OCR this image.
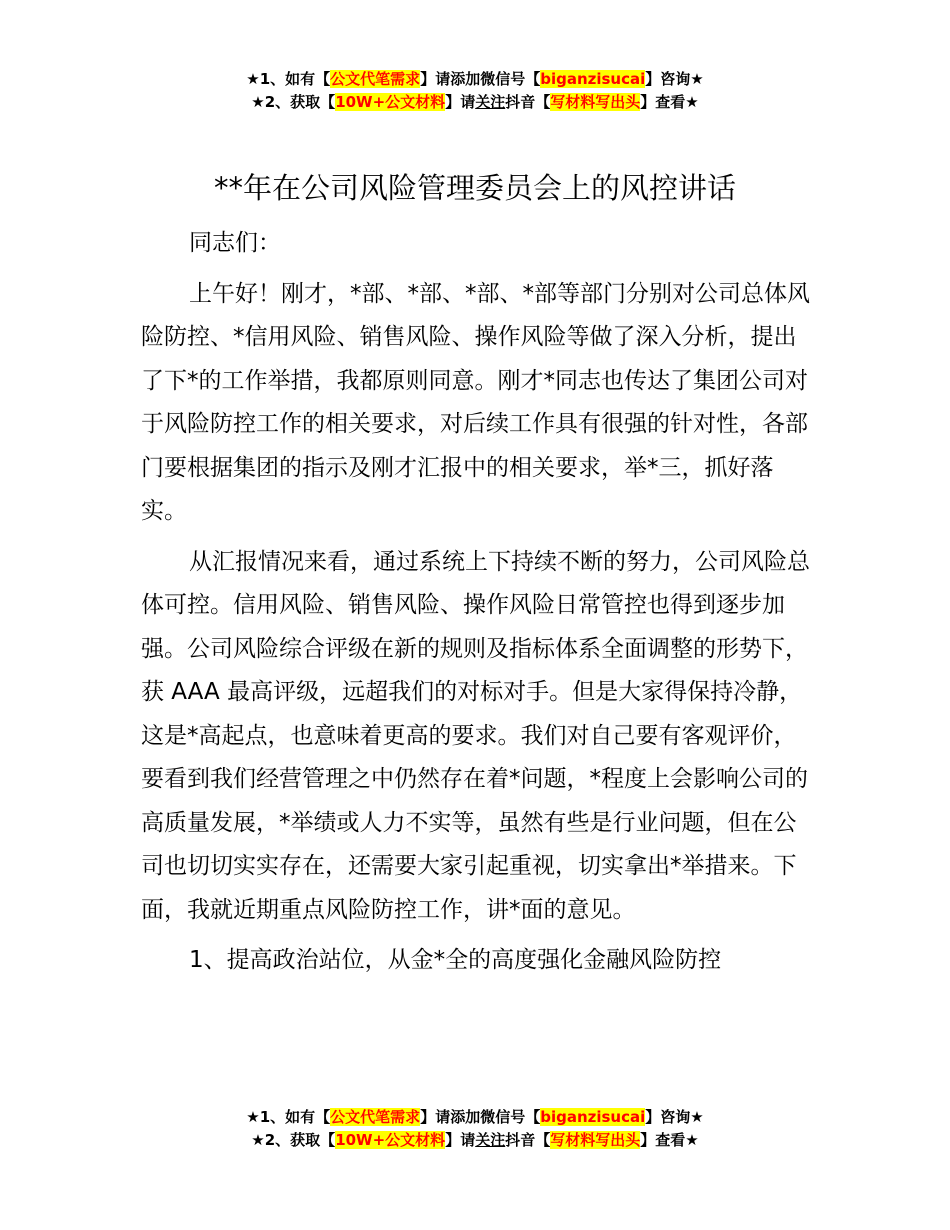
★1、如有【公文代笔需求】请添加微信号【biganzisucai】咨询★
★2、获取【10W+公文材料】请关注抖音【写材料写出头】查看★
**年在公司风险管理委员会上的风控讲话

同志们：

上午好！刚才，*部、*部、*部、*部等部门分别对公司总体风险防控、*信用风险、销售风险、操作风险等做了深入分析，提出了下*的工作举措，我都原则同意。刚才*同志也传达了集团公司对于风险防控工作的相关要求，对后续工作具有很强的针对性，各部门要根据集团的指示及刚才汇报中的相关要求，举*三，抓好落实。

从汇报情况来看，通过系统上下持续不断的努力，公司风险总体可控。信用风险、销售风险、操作风险日常管控也得到逐步加强。公司风险综合评级在新的规则及指标体系全面调整的形势下，获 AAA 最高评级，远超我们的对标对手。但是大家得保持冷静，这是*高起点，也意味着更高的要求。我们对自己要有客观评价，要看到我们经营管理之中仍然存在着*问题，*程度上会影响公司的高质量发展，*举绩或人力不实等，虽然有些是行业问题，但在公司也切切实实存在，还需要大家引起重视，切实拿出*举措来。下面，我就近期重点风险防控工作，讲*面的意见。

1、提高政治站位，从金*全的高度强化金融风险防控

★1、如有【公文代笔需求】请添加微信号【biganzisucai】咨询★
★2、获取【10W+公文材料】请关注抖音【写材料写出头】查看★
